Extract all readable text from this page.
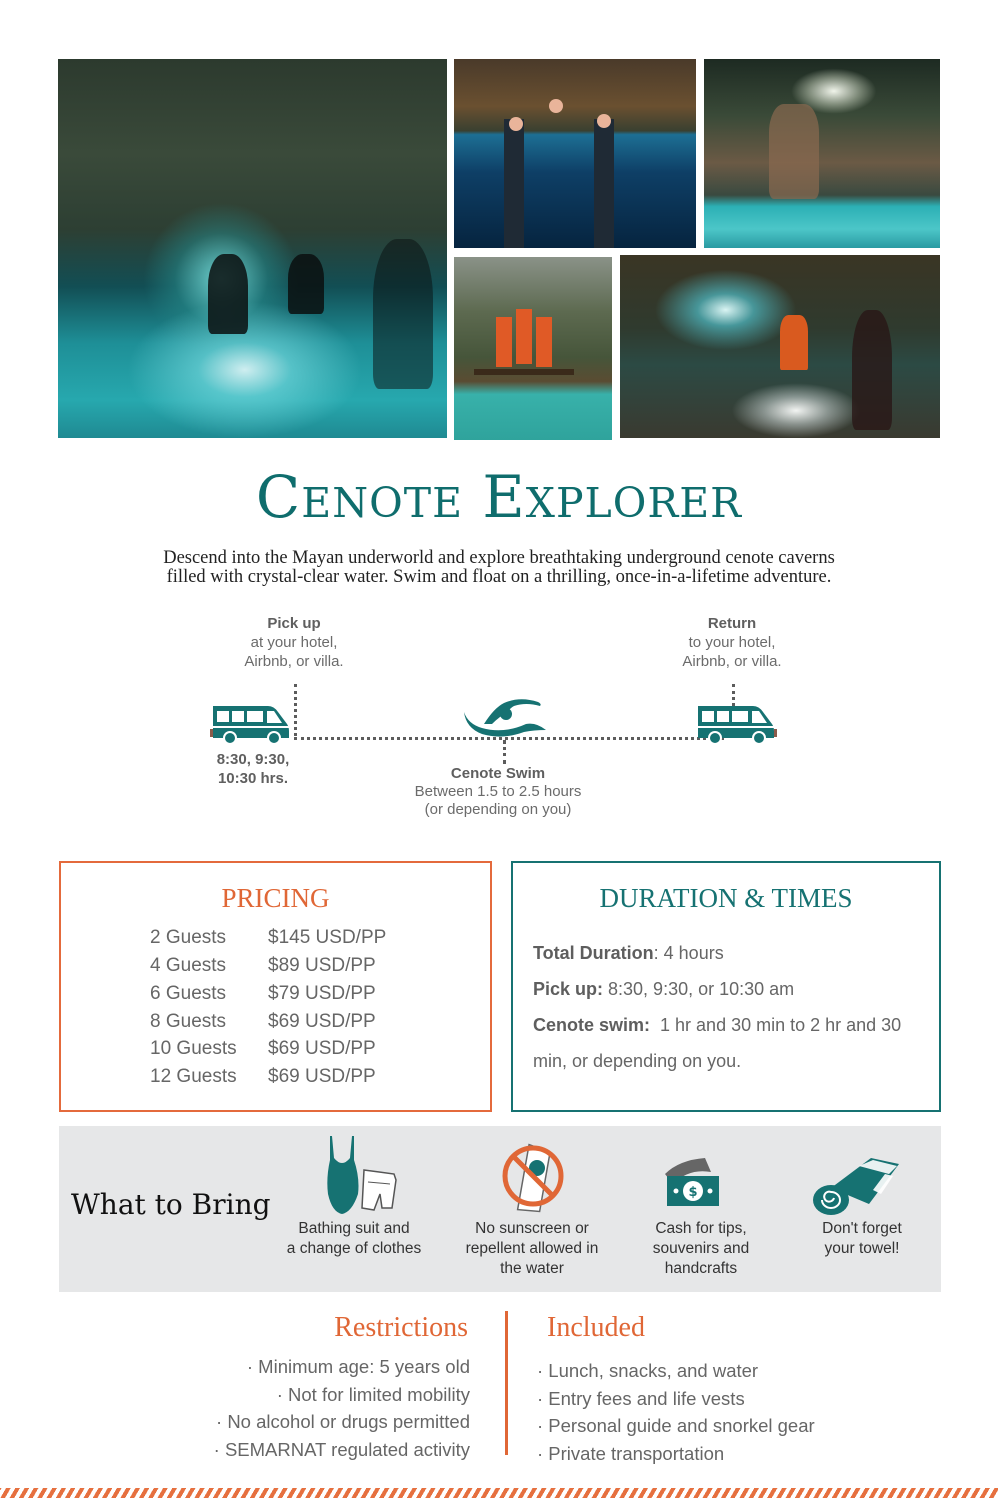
Cenote Explorer
Descend into the Mayan underworld and explore breathtaking underground cenote caverns
filled with crystal-clear water. Swim and float on a thrilling, once-in-a-lifetime adventure.
Pick up
at your hotel,
Airbnb, or villa.
Return
to your hotel,
Airbnb, or villa.
8:30, 9:30,
10:30 hrs.	Cenote Swim
Between 1.5 to 2.5 hours
(or depending on you)
PRICING
2 Guests $145 USD/PP
4 Guests $89 USD/PP
6 Guests $79 USD/PP
8 Guests $69 USD/PP
10 Guests $69 USD/PP
12 Guests $69 USD/PP
DURATION & TIMES
Total Duration: 4 hours
Pick up: 8:30, 9:30, or 10:30 am
Cenote swim:  1 hr and 30 min to 2 hr and 30
min, or depending on you.
What to Bring	$
Bathing suit and
a change of clothes
No sunscreen or
repellent allowed in
the water
Cash for tips,
souvenirs and
handcrafts
Don't forget
your towel!
Restrictions
· Minimum age: 5 years old
· Not for limited mobility
· No alcohol or drugs permitted
· SEMARNAT regulated activity
Included
· Lunch, snacks, and water
· Entry fees and life vests
· Personal guide and snorkel gear
· Private transportation
